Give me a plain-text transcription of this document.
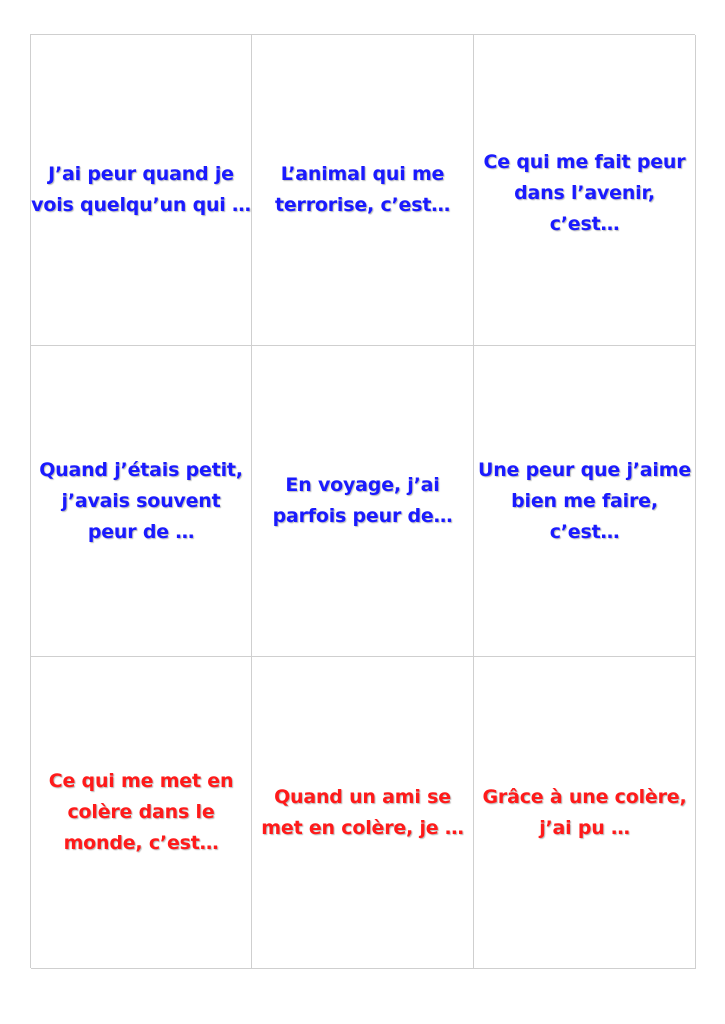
J’ai peur quand je
vois quelqu’un qui …
L’animal qui me
terrorise, c’est…
Ce qui me fait peur
dans l’avenir,
c’est…
Quand j’étais petit,
j’avais souvent
peur de …
En voyage, j’ai
parfois peur de…
Une peur que j’aime
bien me faire,
c’est…
Ce qui me met en
colère dans le
monde, c’est…
Quand un ami se
met en colère, je …
Grâce à une colère,
j’ai pu …
